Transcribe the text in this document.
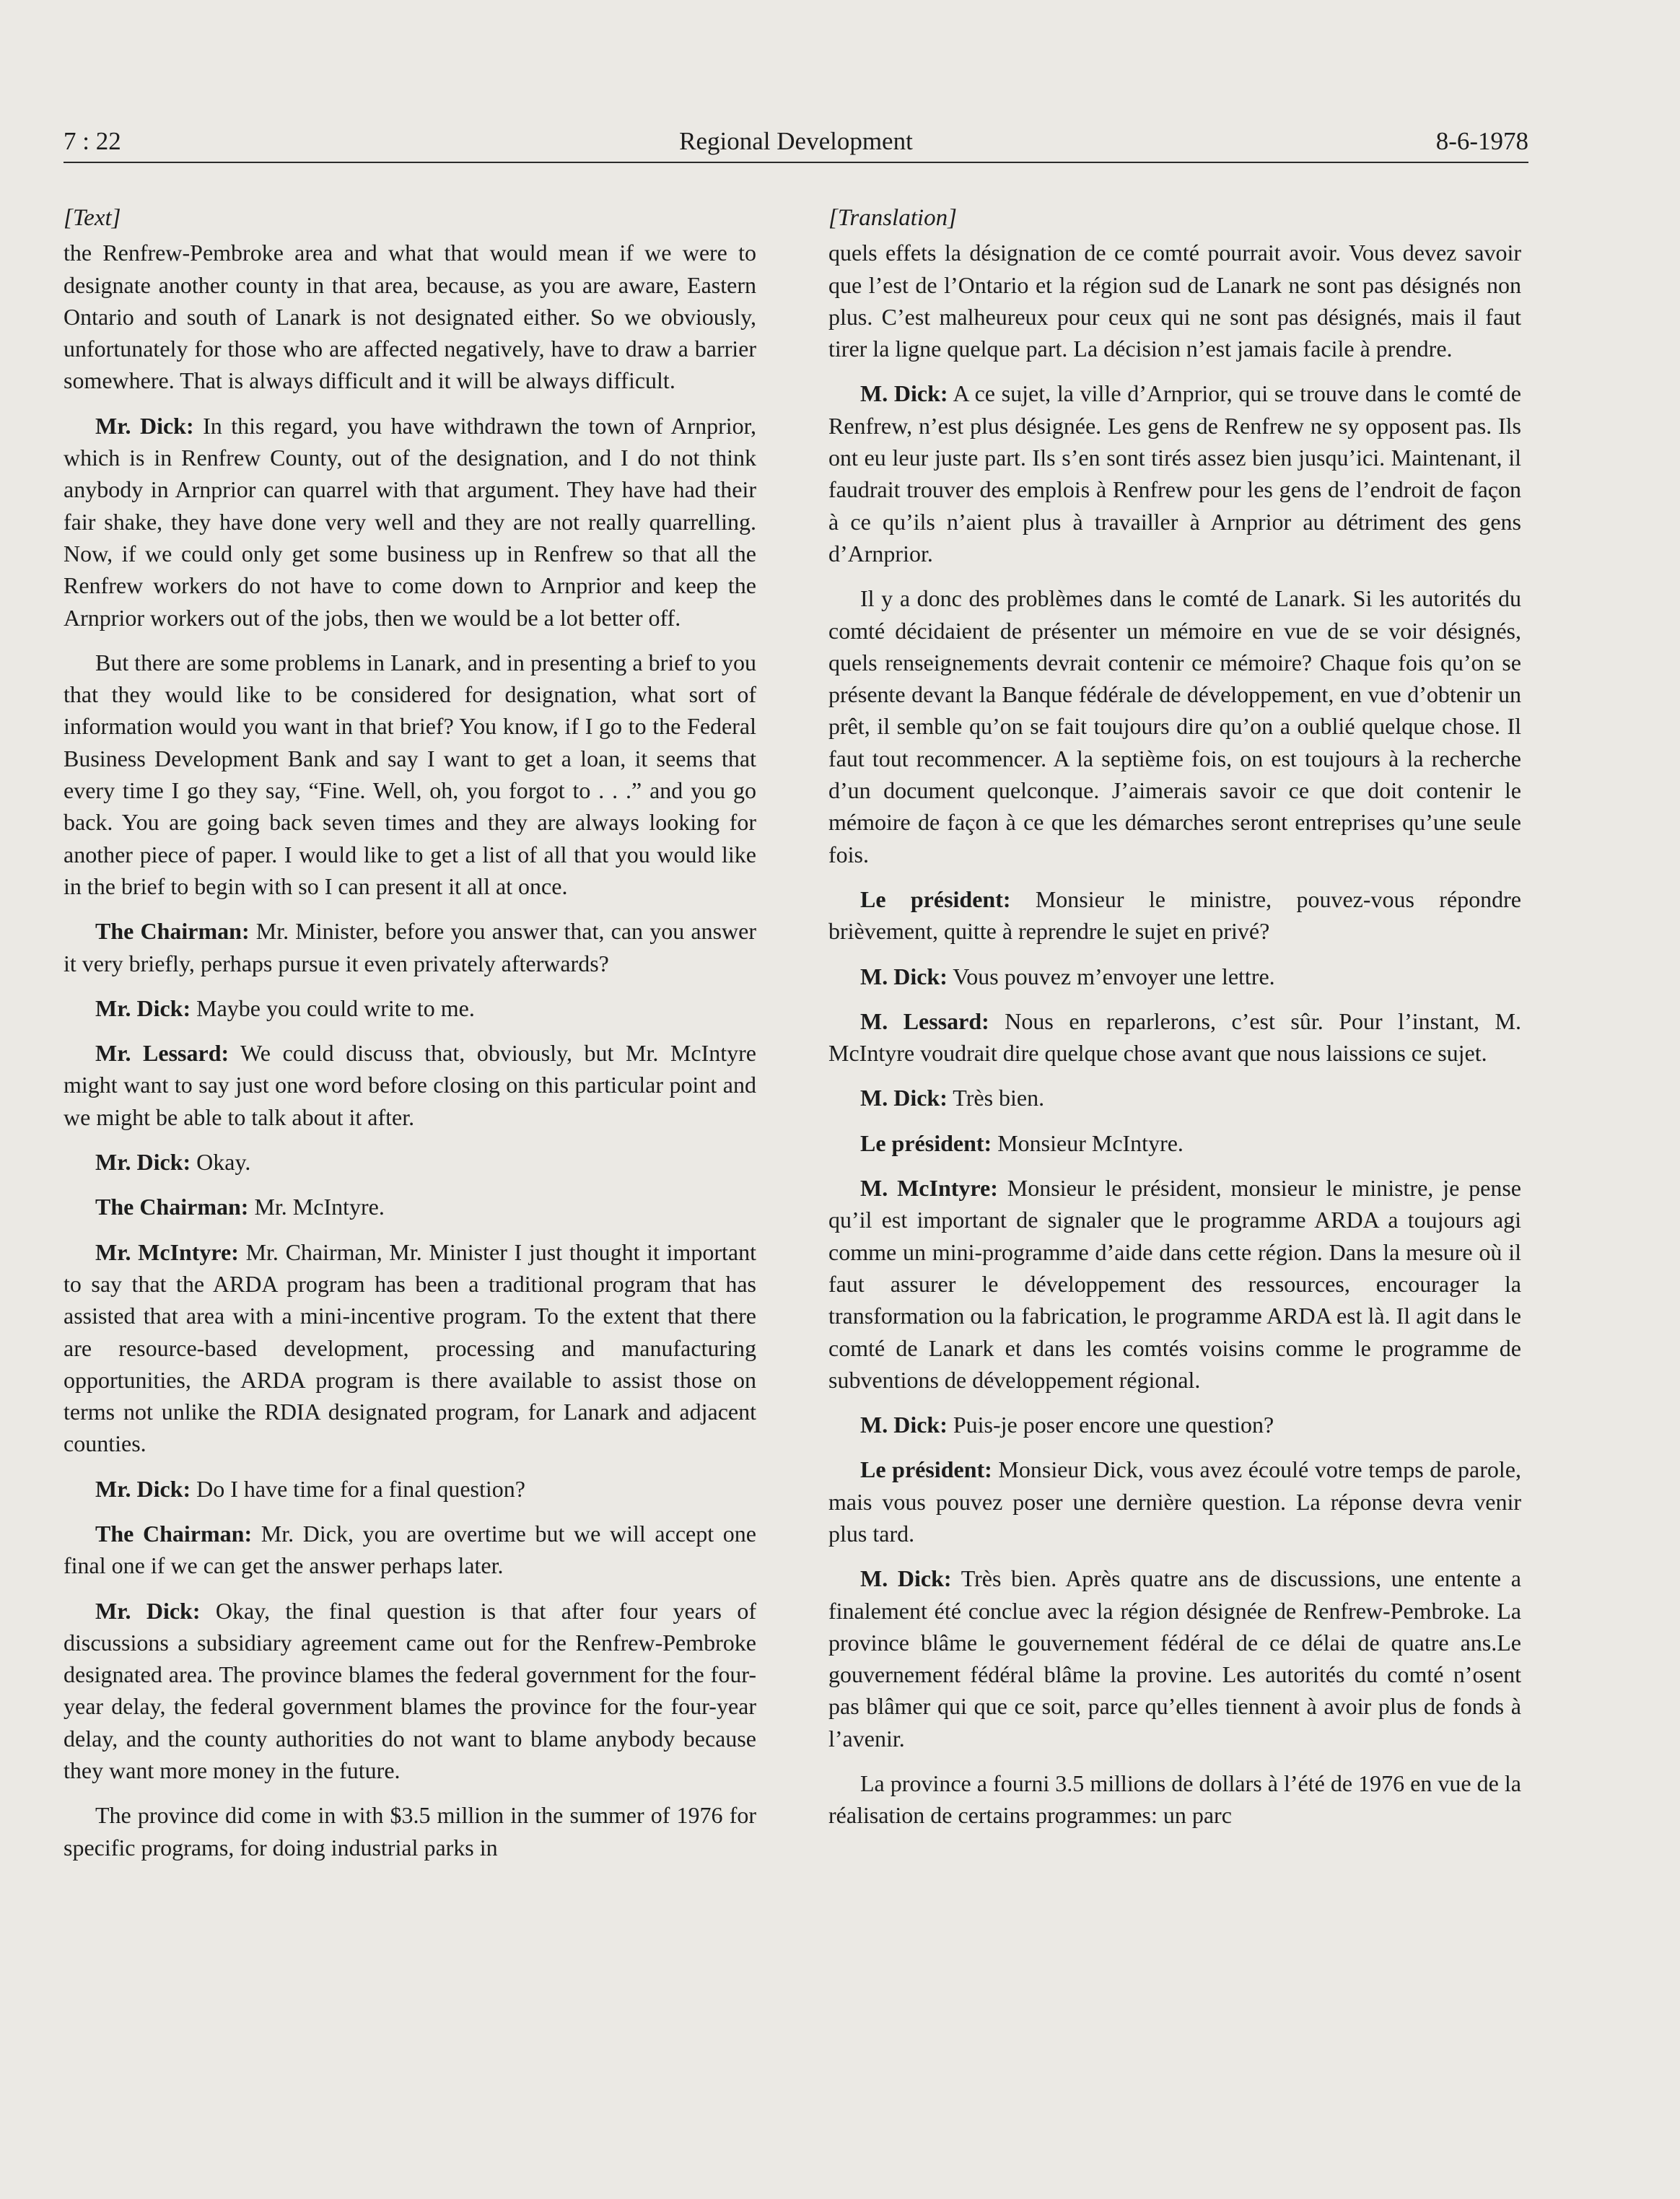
7 : 22	Regional Development	8-6-1978
[Text]

the Renfrew-Pembroke area and what that would mean if we were to designate another county in that area, because, as you are aware, Eastern Ontario and south of Lanark is not designated either. So we obviously, unfortunately for those who are affected negatively, have to draw a barrier somewhere. That is always difficult and it will be always difficult.

Mr. Dick: In this regard, you have withdrawn the town of Arnprior, which is in Renfrew County, out of the designation, and I do not think anybody in Arnprior can quarrel with that argument. They have had their fair shake, they have done very well and they are not really quarrelling. Now, if we could only get some business up in Renfrew so that all the Renfrew workers do not have to come down to Arnprior and keep the Arnprior workers out of the jobs, then we would be a lot better off.

But there are some problems in Lanark, and in presenting a brief to you that they would like to be considered for designation, what sort of information would you want in that brief? You know, if I go to the Federal Business Development Bank and say I want to get a loan, it seems that every time I go they say, “Fine. Well, oh, you forgot to . . .” and you go back. You are going back seven times and they are always looking for another piece of paper. I would like to get a list of all that you would like in the brief to begin with so I can present it all at once.

The Chairman: Mr. Minister, before you answer that, can you answer it very briefly, perhaps pursue it even privately afterwards?

Mr. Dick: Maybe you could write to me.

Mr. Lessard: We could discuss that, obviously, but Mr. McIntyre might want to say just one word before closing on this particular point and we might be able to talk about it after.

Mr. Dick: Okay.

The Chairman: Mr. McIntyre.

Mr. McIntyre: Mr. Chairman, Mr. Minister I just thought it important to say that the ARDA program has been a traditional program that has assisted that area with a mini-incentive program. To the extent that there are resource-based development, processing and manufacturing opportunities, the ARDA program is there available to assist those on terms not unlike the RDIA designated program, for Lanark and adjacent counties.

Mr. Dick: Do I have time for a final question?

The Chairman: Mr. Dick, you are overtime but we will accept one final one if we can get the answer perhaps later.

Mr. Dick: Okay, the final question is that after four years of discussions a subsidiary agreement came out for the Renfrew-Pembroke designated area. The province blames the federal government for the four-year delay, the federal government blames the province for the four-year delay, and the county authorities do not want to blame anybody because they want more money in the future.

The province did come in with $3.5 million in the summer of 1976 for specific programs, for doing industrial parks in

[Translation]

quels effets la désignation de ce comté pourrait avoir. Vous devez savoir que l’est de l’Ontario et la région sud de Lanark ne sont pas désignés non plus. C’est malheureux pour ceux qui ne sont pas désignés, mais il faut tirer la ligne quelque part. La décision n’est jamais facile à prendre.

M. Dick: A ce sujet, la ville d’Arnprior, qui se trouve dans le comté de Renfrew, n’est plus désignée. Les gens de Renfrew ne sy opposent pas. Ils ont eu leur juste part. Ils s’en sont tirés assez bien jusqu’ici. Maintenant, il faudrait trouver des emplois à Renfrew pour les gens de l’endroit de façon à ce qu’ils n’aient plus à travailler à Arnprior au détriment des gens d’Arnprior.

Il y a donc des problèmes dans le comté de Lanark. Si les autorités du comté décidaient de présenter un mémoire en vue de se voir désignés, quels renseignements devrait contenir ce mémoire? Chaque fois qu’on se présente devant la Banque fédérale de développement, en vue d’obtenir un prêt, il semble qu’on se fait toujours dire qu’on a oublié quelque chose. Il faut tout recommencer. A la septième fois, on est toujours à la recherche d’un document quelconque. J’aimerais savoir ce que doit contenir le mémoire de façon à ce que les démarches seront entreprises qu’une seule fois.

Le président: Monsieur le ministre, pouvez-vous répondre brièvement, quitte à reprendre le sujet en privé?

M. Dick: Vous pouvez m’envoyer une lettre.

M. Lessard: Nous en reparlerons, c’est sûr. Pour l’instant, M. McIntyre voudrait dire quelque chose avant que nous laissions ce sujet.

M. Dick: Très bien.

Le président: Monsieur McIntyre.

M. McIntyre: Monsieur le président, monsieur le ministre, je pense qu’il est important de signaler que le programme ARDA a toujours agi comme un mini-programme d’aide dans cette région. Dans la mesure où il faut assurer le développement des ressources, encourager la transformation ou la fabrication, le programme ARDA est là. Il agit dans le comté de Lanark et dans les comtés voisins comme le programme de subventions de développement régional.

M. Dick: Puis-je poser encore une question?

Le président: Monsieur Dick, vous avez écoulé votre temps de parole, mais vous pouvez poser une dernière question. La réponse devra venir plus tard.

M. Dick: Très bien. Après quatre ans de discussions, une entente a finalement été conclue avec la région désignée de Renfrew-Pembroke. La province blâme le gouvernement fédéral de ce délai de quatre ans.Le gouvernement fédéral blâme la provine. Les autorités du comté n’osent pas blâmer qui que ce soit, parce qu’elles tiennent à avoir plus de fonds à l’avenir.

La province a fourni 3.5 millions de dollars à l’été de 1976 en vue de la réalisation de certains programmes: un parc
